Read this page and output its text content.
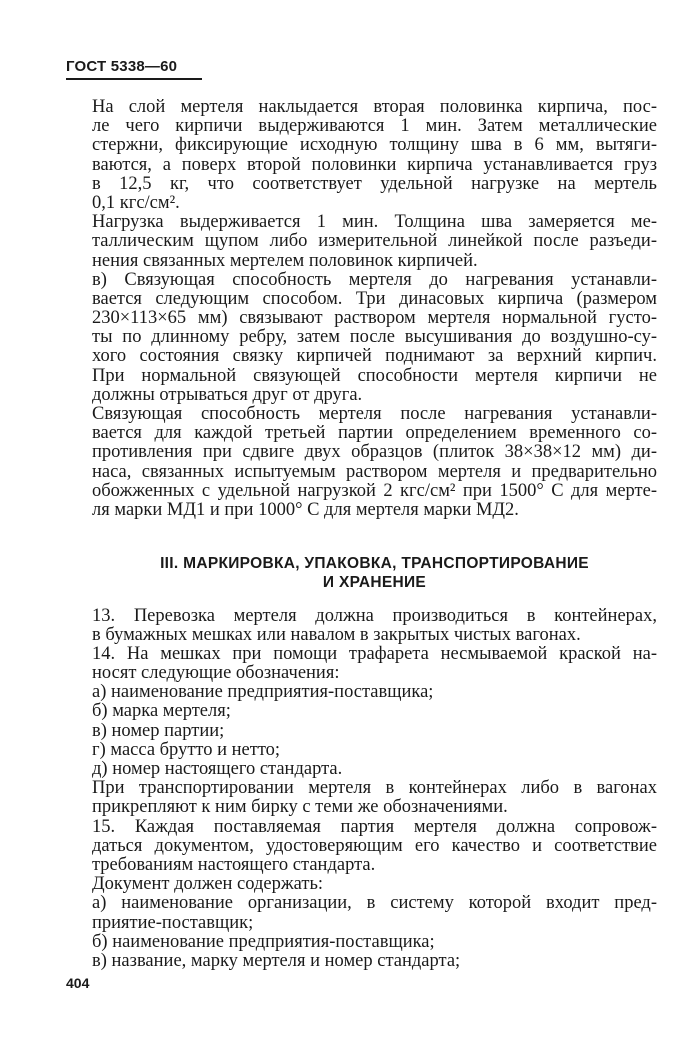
ГОСТ 5338—60
На слой мертеля наклыдается вторая половинка кирпича, пос-
ле чего кирпичи выдерживаются 1 мин. Затем металлические
стержни, фиксирующие исходную толщину шва в 6 мм, вытяги-
ваются, а поверх второй половинки кирпича устанавливается груз
в 12,5 кг, что соответствует удельной нагрузке на мертель
0,1 кгс/см².
Нагрузка выдерживается 1 мин. Толщина шва замеряется ме-
таллическим щупом либо измерительной линейкой после разъеди-
нения связанных мертелем половинок кирпичей.
в) Связующая способность мертеля до нагревания устанавли-
вается следующим способом. Три динасовых кирпича (размером
230×113×65 мм) связывают раствором мертеля нормальной густо-
ты по длинному ребру, затем после высушивания до воздушно-су-
хого состояния связку кирпичей поднимают за верхний кирпич.
При нормальной связующей способности мертеля кирпичи не
должны отрываться друг от друга.
Связующая способность мертеля после нагревания устанавли-
вается для каждой третьей партии определением временного со-
противления при сдвиге двух образцов (плиток 38×38×12 мм) ди-
наса, связанных испытуемым раствором мертеля и предварительно
обожженных с удельной нагрузкой 2 кгс/см² при 1500° С для мерте-
ля марки МД1 и при 1000° С для мертеля марки МД2.
III. МАРКИРОВКА, УПАКОВКА, ТРАНСПОРТИРОВАНИЕ
И ХРАНЕНИЕ
13. Перевозка мертеля должна производиться в контейнерах,
в бумажных мешках или навалом в закрытых чистых вагонах.
14. На мешках при помощи трафарета несмываемой краской на-
носят следующие обозначения:
а) наименование предприятия-поставщика;
б) марка мертеля;
в) номер партии;
г) масса брутто и нетто;
д) номер настоящего стандарта.
При транспортировании мертеля в контейнерах либо в вагонах
прикрепляют к ним бирку с теми же обозначениями.
15. Каждая поставляемая партия мертеля должна сопровож-
даться документом, удостоверяющим его качество и соответствие
требованиям настоящего стандарта.
Документ должен содержать:
а) наименование организации, в систему которой входит пред-
приятие-поставщик;
б) наименование предприятия-поставщика;
в) название, марку мертеля и номер стандарта;
404
